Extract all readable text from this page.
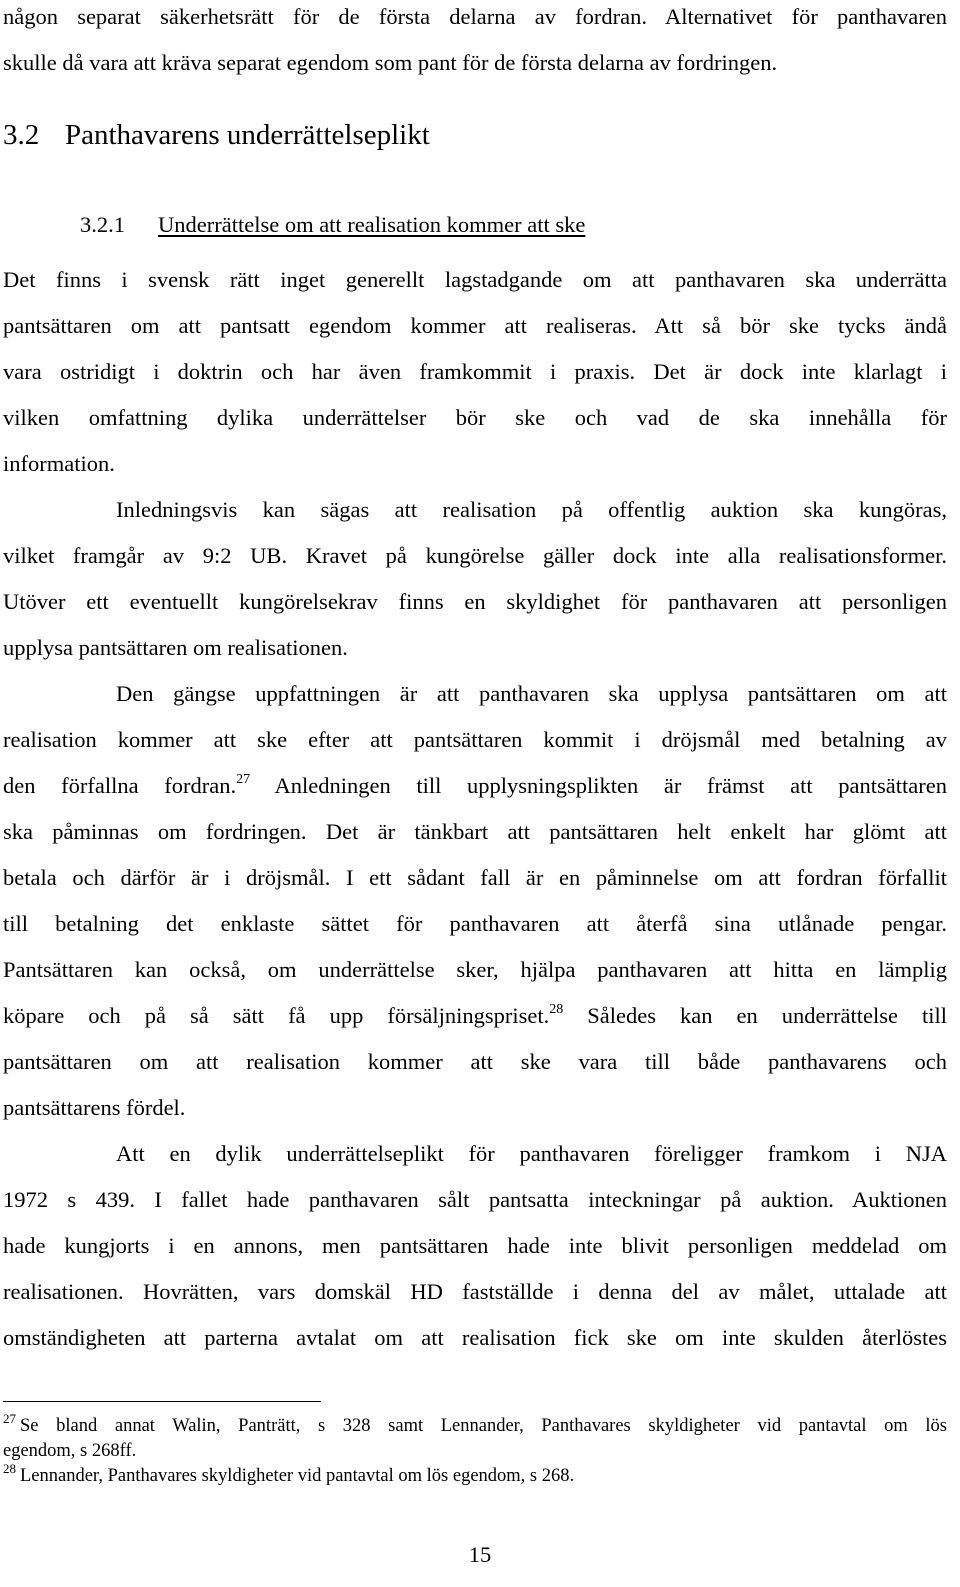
någon separat säkerhetsrätt för de första delarna av fordran. Alternativet för panthavaren
skulle då vara att kräva separat egendom som pant för de första delarna av fordringen.
3.2 Panthavarens underrättelseplikt
3.2.1 Underrättelse om att realisation kommer att ske
Det finns i svensk rätt inget generellt lagstadgande om att panthavaren ska underrätta
pantsättaren om att pantsatt egendom kommer att realiseras. Att så bör ske tycks ändå
vara ostridigt i doktrin och har även framkommit i praxis. Det är dock inte klarlagt i
vilken omfattning dylika underrättelser bör ske och vad de ska innehålla för
information.
Inledningsvis kan sägas att realisation på offentlig auktion ska kungöras,
vilket framgår av 9:2 UB. Kravet på kungörelse gäller dock inte alla realisationsformer.
Utöver ett eventuellt kungörelsekrav finns en skyldighet för panthavaren att personligen
upplysa pantsättaren om realisationen.
Den gängse uppfattningen är att panthavaren ska upplysa pantsättaren om att
realisation kommer att ske efter att pantsättaren kommit i dröjsmål med betalning av
den förfallna fordran.$^{27}$ Anledningen till upplysningsplikten är främst att pantsättaren
ska påminnas om fordringen. Det är tänkbart att pantsättaren helt enkelt har glömt att
betala och därför är i dröjsmål. I ett sådant fall är en påminnelse om att fordran förfallit
till betalning det enklaste sättet för panthavaren att återfå sina utlånade pengar.
Pantsättaren kan också, om underrättelse sker, hjälpa panthavaren att hitta en lämplig
köpare och på så sätt få upp försäljningspriset.$^{28}$ Således kan en underrättelse till
pantsättaren om att realisation kommer att ske vara till både panthavarens och
pantsättarens fördel.
Att en dylik underrättelseplikt för panthavaren föreligger framkom i NJA
1972 s 439. I fallet hade panthavaren sålt pantsatta inteckningar på auktion. Auktionen
hade kungjorts i en annons, men pantsättaren hade inte blivit personligen meddelad om
realisationen. Hovrätten, vars domskäl HD fastställde i denna del av målet, uttalade att
omständigheten att parterna avtalat om att realisation fick ske om inte skulden återlöstes
$^{27}$ Se bland annat Walin, Panträtt, s 328 samt Lennander, Panthavares skyldigheter vid pantavtal om lös
egendom, s 268ff.
$^{28}$ Lennander, Panthavares skyldigheter vid pantavtal om lös egendom, s 268.
15
